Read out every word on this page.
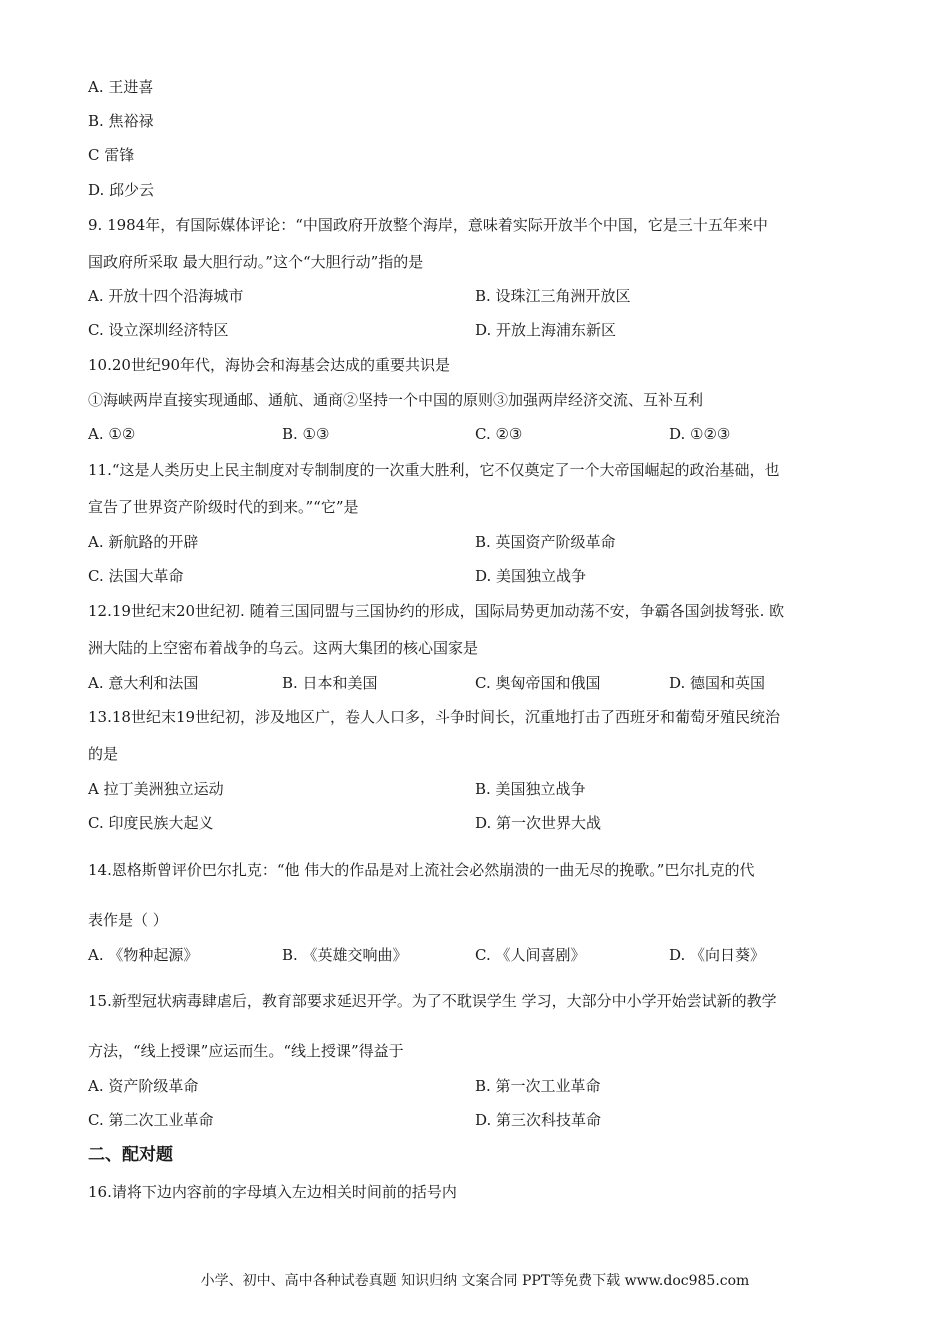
A. 王进喜
B. 焦裕禄
C 雷锋
D. 邱少云
9. 1984年，有国际媒体评论：“中国政府开放整个海岸，意味着实际开放半个中国，它是三十五年来中
国政府所采取 最大胆行动。”这个“大胆行动”指的是
A. 开放十四个沿海城市	B. 设珠江三角洲开放区
C. 设立深圳经济特区	D. 开放上海浦东新区
10.20世纪90年代，海协会和海基会达成的重要共识是
①海峡两岸直接实现通邮、通航、通商②坚持一个中国的原则③加强两岸经济交流、互补互利
A. ①②	B. ①③	C. ②③	D. ①②③
11.“这是人类历史上民主制度对专制制度的一次重大胜利，它不仅奠定了一个大帝国崛起的政治基础，也
宣告了世界资产阶级时代的到来。”“它”是
A. 新航路的开辟	B. 英国资产阶级革命
C. 法国大革命	D. 美国独立战争
12.19世纪末20世纪初. 随着三国同盟与三国协约的形成，国际局势更加动荡不安，争霸各国剑拔弩张. 欧
洲大陆的上空密布着战争的乌云。这两大集团的核心国家是
A. 意大利和法国	B. 日本和美国	C. 奥匈帝国和俄国	D. 德国和英国
13.18世纪末19世纪初，涉及地区广，卷人人口多，斗争时间长，沉重地打击了西班牙和葡萄牙殖民统治
的是
A 拉丁美洲独立运动	B. 美国独立战争
C. 印度民族大起义	D. 第一次世界大战
14.恩格斯曾评价巴尔扎克：“他 伟大的作品是对上流社会必然崩溃的一曲无尽的挽歌。”巴尔扎克的代
表作是（ ）
A. 《物种起源》	B. 《英雄交响曲》	C. 《人间喜剧》	D. 《向日葵》
15.新型冠状病毒肆虐后，教育部要求延迟开学。为了不耽误学生 学习，大部分中小学开始尝试新的教学
方法，“线上授课”应运而生。“线上授课”得益于
A. 资产阶级革命	B. 第一次工业革命
C. 第二次工业革命	D. 第三次科技革命
二、配对题
16.请将下边内容前的字母填入左边相关时间前的括号内
小学、初中、高中各种试卷真题 知识归纳 文案合同 PPT等免费下载 www.doc985.com
